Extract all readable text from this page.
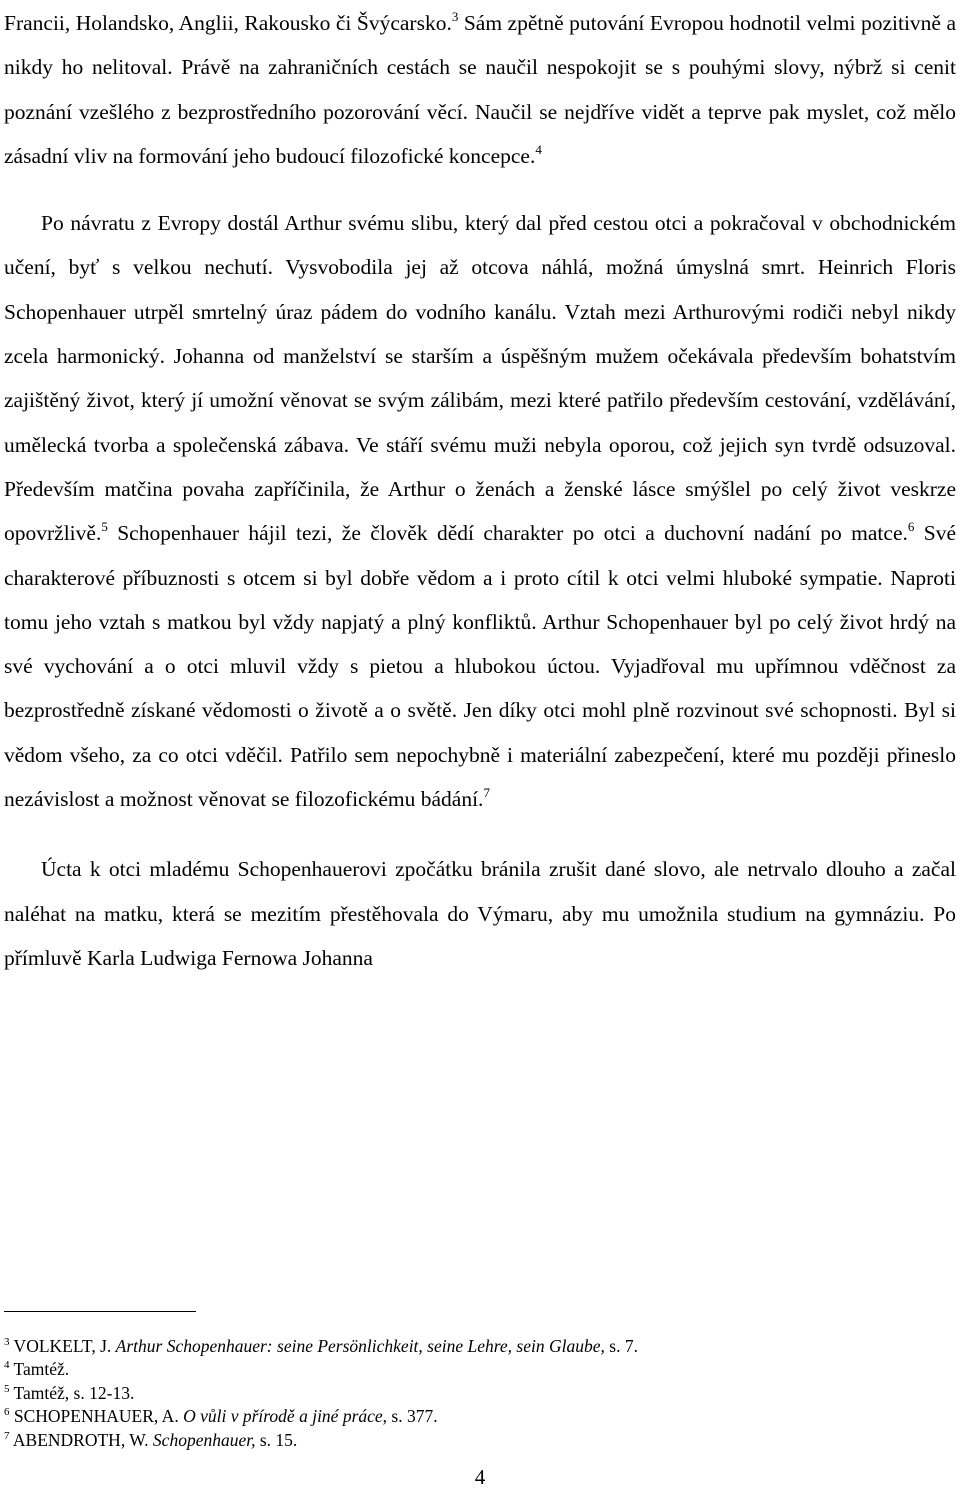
Francii, Holandsko, Anglii, Rakousko či Švýcarsko.$^3$ Sám zpětně putování Evropou hodnotil velmi pozitivně a nikdy ho nelitoval. Právě na zahraničních cestách se naučil nespokojit se s pouhými slovy, nýbrž si cenit poznání vzešlého z bezprostředního pozorování věcí. Naučil se nejdříve vidět a teprve pak myslet, což mělo zásadní vliv na formování jeho budoucí filozofické koncepce.$^4$

Po návratu z Evropy dostál Arthur svému slibu, který dal před cestou otci a pokračoval v obchodnickém učení, byť s velkou nechutí. Vysvobodila jej až otcova náhlá, možná úmyslná smrt. Heinrich Floris Schopenhauer utrpěl smrtelný úraz pádem do vodního kanálu. Vztah mezi Arthurovými rodiči nebyl nikdy zcela harmonický. Johanna od manželství se starším a úspěšným mužem očekávala především bohatstvím zajištěný život, který jí umožní věnovat se svým zálibám, mezi které patřilo především cestování, vzdělávání, umělecká tvorba a společenská zábava. Ve stáří svému muži nebyla oporou, což jejich syn tvrdě odsuzoval. Především matčina povaha zapříčinila, že Arthur o ženách a ženské lásce smýšlel po celý život veskrze opovržlivě.$^5$ Schopenhauer hájil tezi, že člověk dědí charakter po otci a duchovní nadání po matce.$^6$ Své charakterové příbuznosti s otcem si byl dobře vědom a i proto cítil k otci velmi hluboké sympatie. Naproti tomu jeho vztah s matkou byl vždy napjatý a plný konfliktů. Arthur Schopenhauer byl po celý život hrdý na své vychování a o otci mluvil vždy s pietou a hlubokou úctou. Vyjadřoval mu upřímnou vděčnost za bezprostředně získané vědomosti o životě a o světě. Jen díky otci mohl plně rozvinout své schopnosti. Byl si vědom všeho, za co otci vděčil. Patřilo sem nepochybně i materiální zabezpečení, které mu později přineslo nezávislost a možnost věnovat se filozofickému bádání.$^7$

Úcta k otci mladému Schopenhauerovi zpočátku bránila zrušit dané slovo, ale netrvalo dlouho a začal naléhat na matku, která se mezitím přestěhovala do Výmaru, aby mu umožnila studium na gymnáziu. Po přímluvě Karla Ludwiga Fernowa Johanna

$^3$ VOLKELT, J. Arthur Schopenhauer: seine Persönlichkeit, seine Lehre, sein Glaube, s. 7.

$^4$ Tamtéž.

$^5$ Tamtéž, s. 12-13.

$^6$ SCHOPENHAUER, A. O vůli v přírodě a jiné práce, s. 377.

$^7$ ABENDROTH, W. Schopenhauer, s. 15.

4
